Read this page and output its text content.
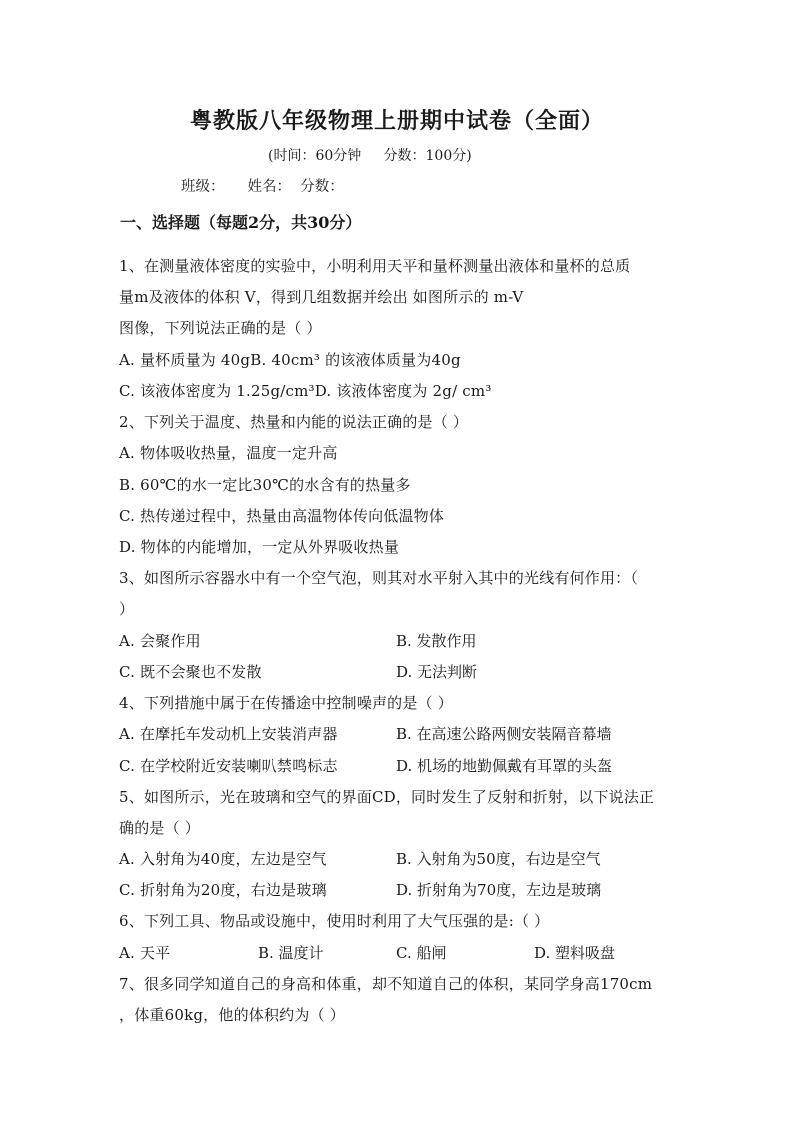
粤教版八年级物理上册期中试卷（全面）
(时间：60分钟     分数：100分)
班级：     姓名：  分数：
一、选择题（每题2分，共30分）
1、在测量液体密度的实验中，小明利用天平和量杯测量出液体和量杯的总质
量m及液体的体积 V，得到几组数据并绘出 如图所示的 m-V
图像，下列说法正确的是（ ）
A. 量杯质量为 40gB. 40cm³ 的该液体质量为40g
C. 该液体密度为 1.25g/cm³D. 该液体密度为 2g/ cm³
2、下列关于温度、热量和内能的说法正确的是（ ）
A. 物体吸收热量，温度一定升高
B. 60℃的水一定比30℃的水含有的热量多
C. 热传递过程中，热量由高温物体传向低温物体
D. 物体的内能增加，一定从外界吸收热量
3、如图所示容器水中有一个空气泡，则其对水平射入其中的光线有何作用：（
）
A. 会聚作用	B. 发散作用
C. 既不会聚也不发散	D. 无法判断
4、下列措施中属于在传播途中控制噪声的是（ ）
A. 在摩托车发动机上安装消声器	B. 在高速公路两侧安装隔音幕墙
C. 在学校附近安装喇叭禁鸣标志	D. 机场的地勤佩戴有耳罩的头盔
5、如图所示，光在玻璃和空气的界面CD，同时发生了反射和折射，以下说法正
确的是（ ）
A. 入射角为40度，左边是空气	B. 入射角为50度，右边是空气
C. 折射角为20度，右边是玻璃	D. 折射角为70度，左边是玻璃
6、下列工具、物品或设施中，使用时利用了大气压强的是:（ ）
A. 天平	B. 温度计	C. 船闸	D. 塑料吸盘
7、很多同学知道自己的身高和体重，却不知道自己的体积，某同学身高170cm
，体重60kg，他的体积约为（ ）
